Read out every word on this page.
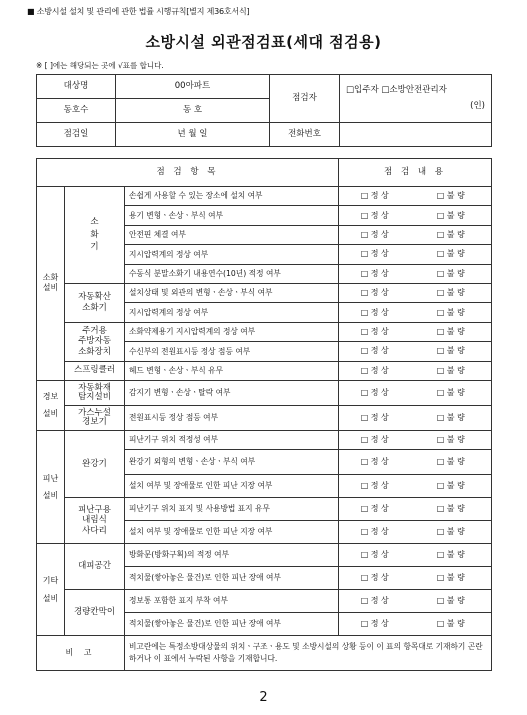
■ 소방시설 설치 및 관리에 관한 법률 시행규칙[별지 제36호서식]
소방시설 외관점검표(세대 점검용)
※ [ ]에는 해당되는 곳에 √표를 합니다.
대상명	00아파트	점검자	□입주자 □소방안전관리자
(인)

동호수	동 호		
점검일	년 월 일	전화번호	
점 검 항 목			점 검 내 용	
소화
설비	소
화
기	손쉽게 사용할 수 있는 장소에 설치 여부	□ 정 상	□ 불 량
		용기 변형ㆍ손상ㆍ부식 여부	□ 정 상	□ 불 량
		안전핀 체결 여부	□ 정 상	□ 불 량
		지시압력계의 정상 여부	□ 정 상	□ 불 량
		수동식 분말소화기 내용연수(10년) 적정 여부	□ 정 상	□ 불 량
	자동확산
소화기	설치상태 및 외관의 변형ㆍ손상ㆍ부식 여부	□ 정 상	□ 불 량
		지시압력계의 정상 여부	□ 정 상	□ 불 량
	주거용
주방자동
소화장치	소화약제용기 지시압력계의 정상 여부	□ 정 상	□ 불 량
		수신부의 전원표시등 정상 점등 여부	□ 정 상	□ 불 량
	스프링클러	헤드 변형ㆍ손상ㆍ부식 유무	□ 정 상	□ 불 량
경보
설비	자동화재
탐지설비	감지기 변형ㆍ손상ㆍ탈락 여부	□ 정 상	□ 불 량
	가스누설
경보기	전원표시등 정상 점등 여부	□ 정 상	□ 불 량
피난
설비	완강기	피난기구 위치 적정성 여부	□ 정 상	□ 불 량
		완강기 외형의 변형ㆍ손상ㆍ부식 여부	□ 정 상	□ 불 량
		설치 여부 및 장애물로 인한 피난 지장 여부	□ 정 상	□ 불 량
	피난구용
내림식
사다리	피난기구 위치 표지 및 사용방법 표지 유무	□ 정 상	□ 불 량
		설치 여부 및 장애물로 인한 피난 지장 여부	□ 정 상	□ 불 량
기타
설비	대피공간	방화문(방화구획)의 적정 여부	□ 정 상	□ 불 량
		적치물(쌓아놓은 물건)로 인한 피난 장애 여부	□ 정 상	□ 불 량
	경량칸막이	정보통 포함한 표지 부착 여부	□ 정 상	□ 불 량
		적치물(쌓아놓은 물건)로 인한 피난 장애 여부	□ 정 상	□ 불 량
비 고		비고란에는 특정소방대상물의 위치ㆍ구조ㆍ용도 및 소방시설의 상황 등이 이 표의 항목대로 기재하기 곤란하거나 이 표에서 누락된 사항을 기재합니다.		
2
